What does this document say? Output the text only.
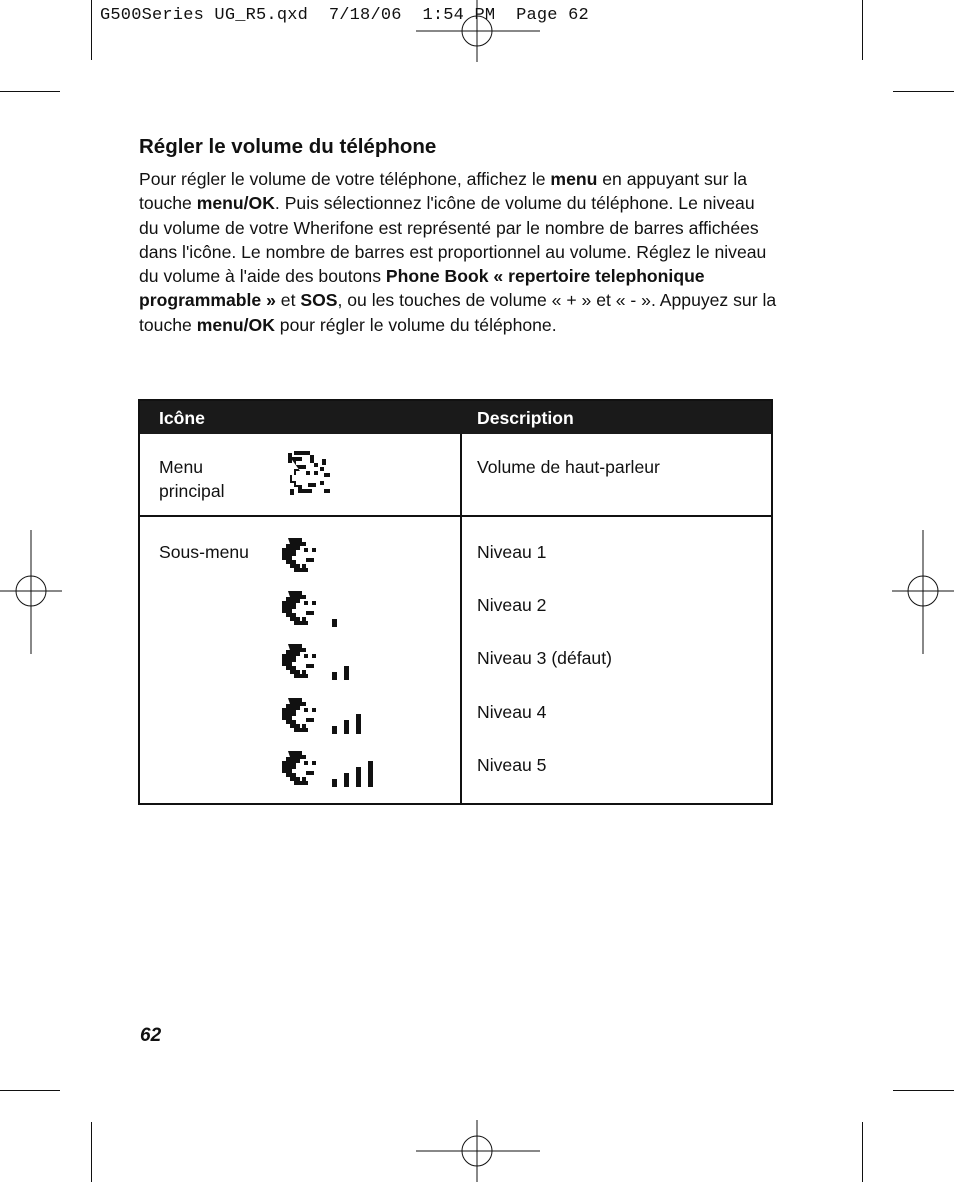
G500Series UG_R5.qxd  7/18/06  1:54 PM  Page 62
Régler le volume du téléphone

Pour régler le volume de votre téléphone, affichez le menu en appuyant sur la touche menu/OK. Puis sélectionnez l'icône de volume du téléphone. Le niveau du volume de votre Wherifone est représenté par le nombre de barres affichées dans l'icône. Le nombre de barres est proportionnel au volume. Réglez le niveau du volume à l'aide des boutons Phone Book « repertoire telephonique programmable » et SOS, ou les touches de volume « + » et « - ». Appuyez sur la touche menu/OK pour régler le volume du téléphone.

Icône	Description
Menu
principal
Volume de haut-parleur
Sous-menu	Niveau 1
Niveau 2
Niveau 3 (défaut)
Niveau 4
Niveau 5
62
